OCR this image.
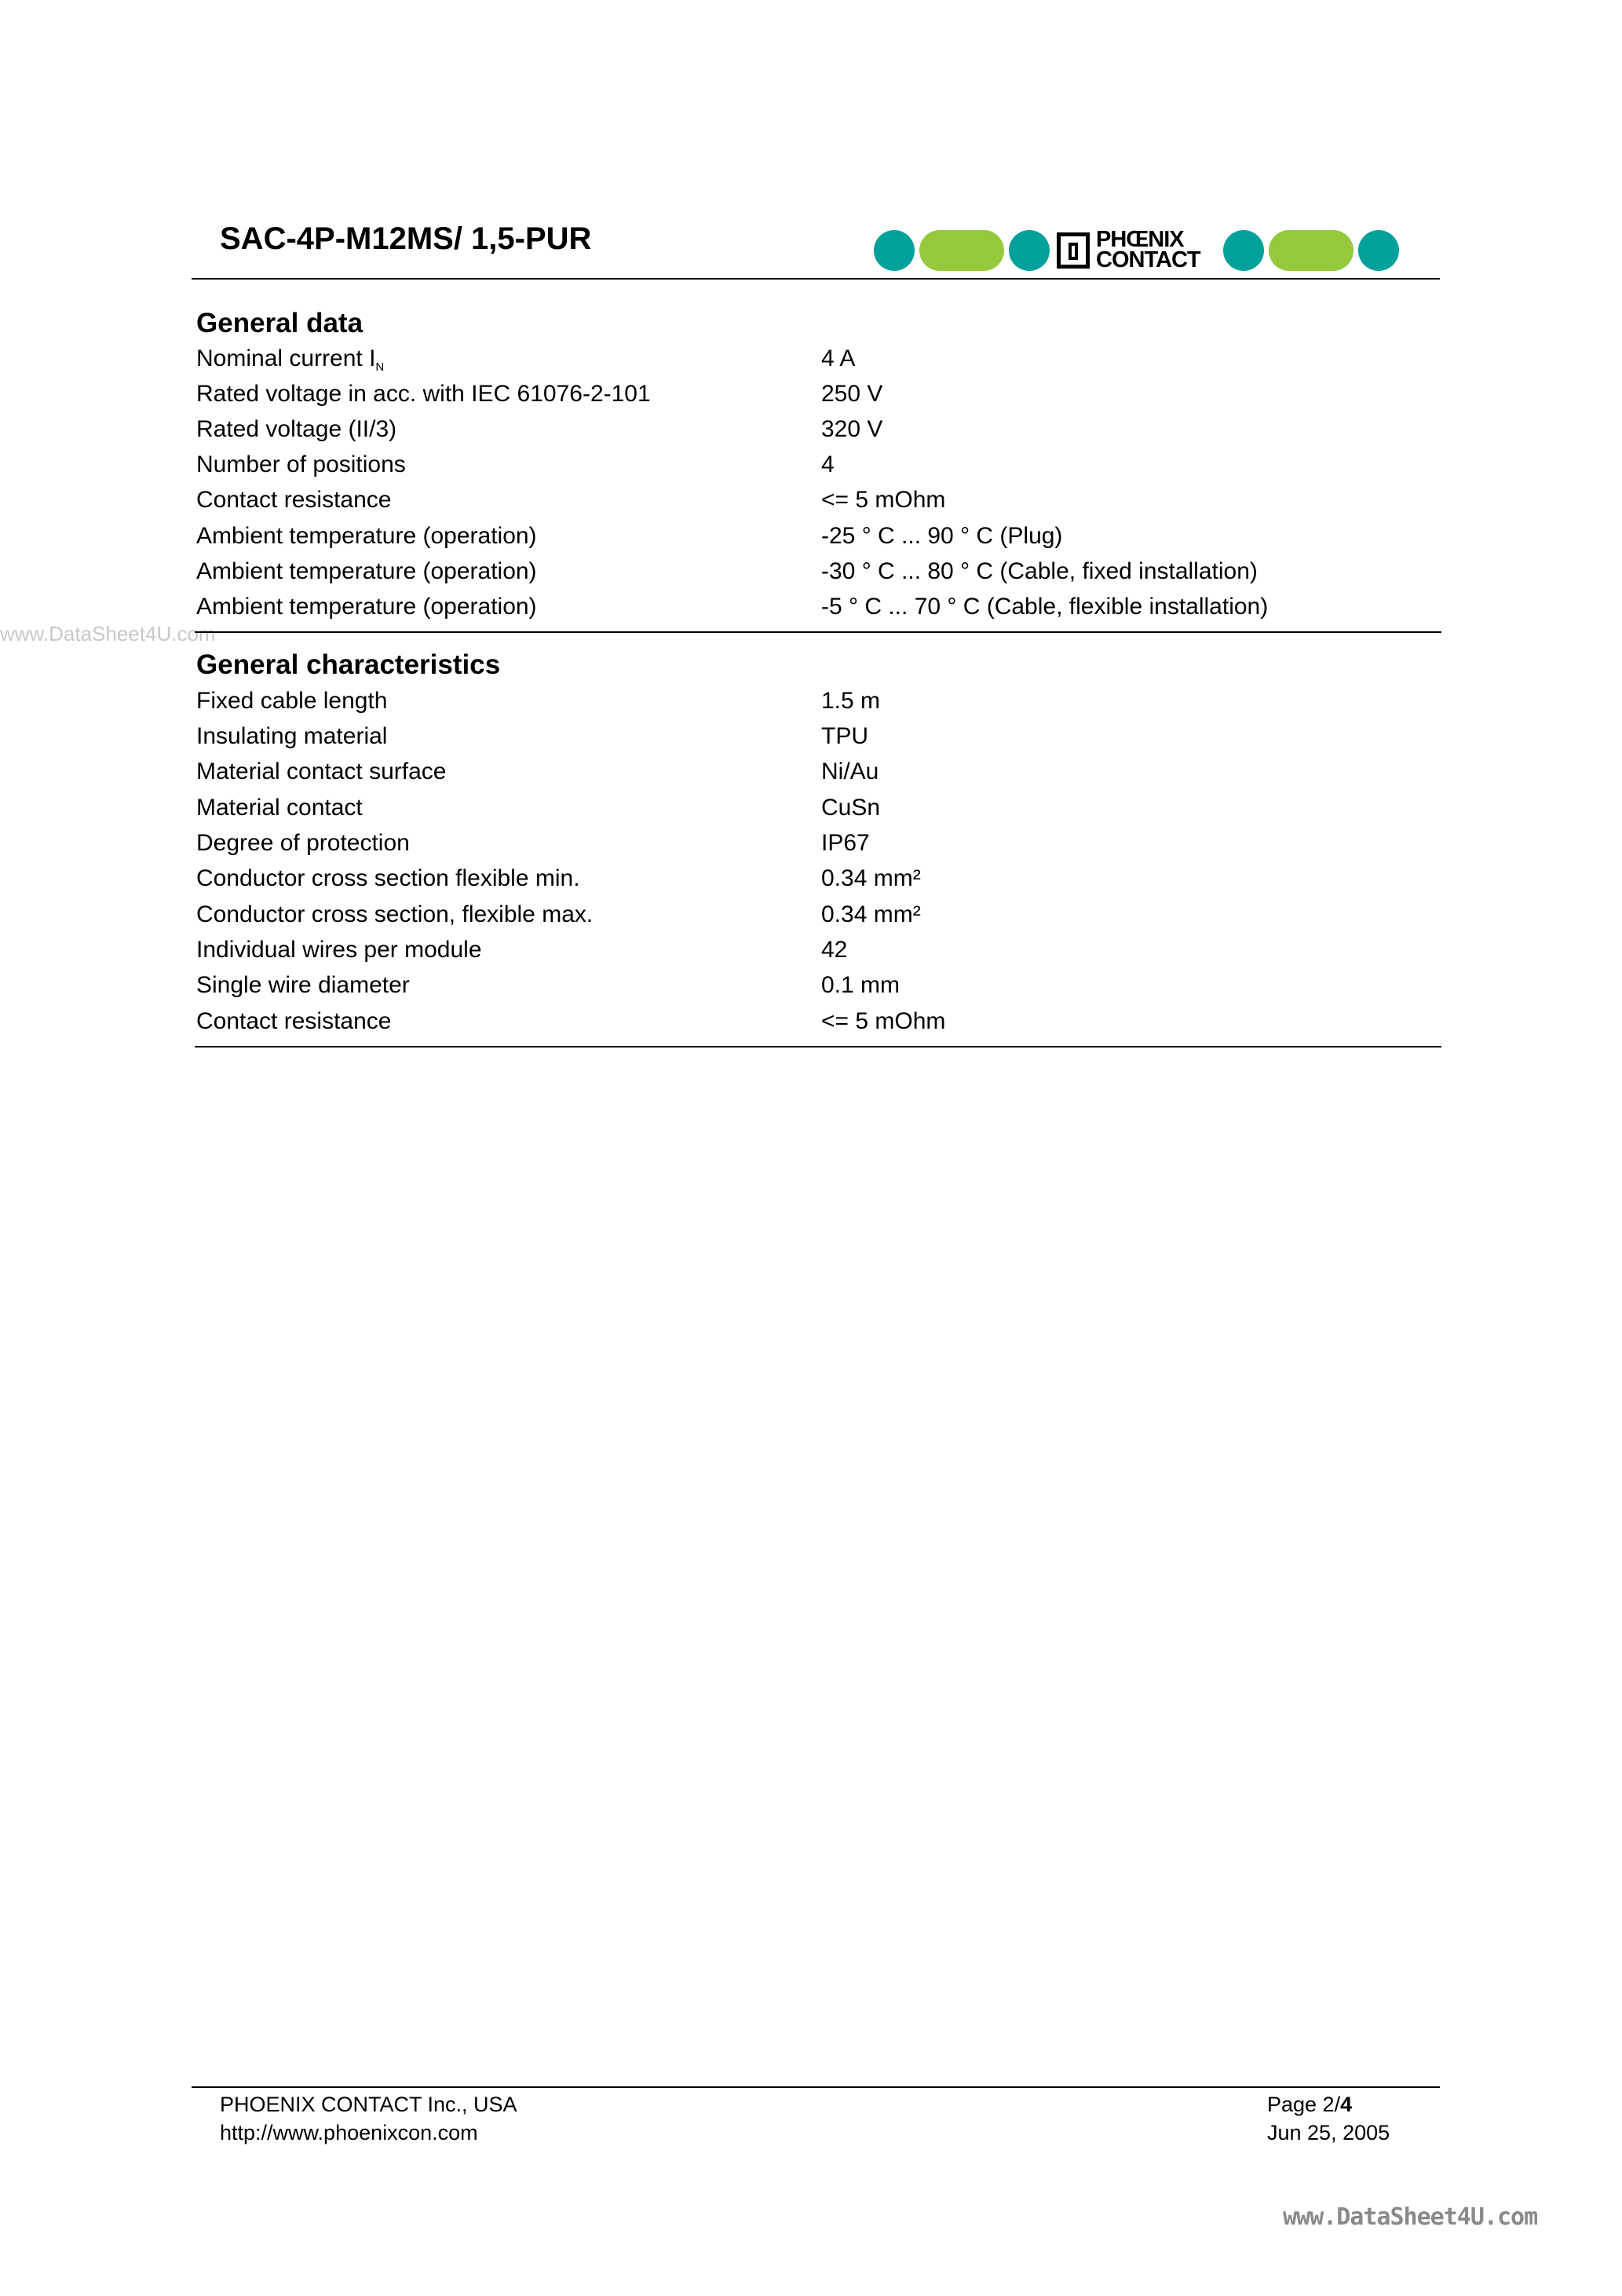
SAC-4P-M12MS/ 1,5-PUR	PHŒNIX
CONTACT
www.DataSheet4U.com
General data
Nominal current $I_N$	4 A
Rated voltage in acc. with IEC 61076-2-101	250 V
Rated voltage (II/3)	320 V
Number of positions	4
Contact resistance	<= 5 mOhm
Ambient temperature (operation)	-25 ° C ... 90 ° C (Plug)
Ambient temperature (operation)	-30 ° C ... 80 ° C (Cable, fixed installation)
Ambient temperature (operation)	-5 ° C ... 70 ° C (Cable, flexible installation)
General characteristics
Fixed cable length	1.5 m
Insulating material	TPU
Material contact surface	Ni/Au
Material contact	CuSn
Degree of protection	IP67
Conductor cross section flexible min.	0.34 mm²
Conductor cross section, flexible max.	0.34 mm²
Individual wires per module	42
Single wire diameter	0.1 mm
Contact resistance	<= 5 mOhm
PHOENIX CONTACT Inc., USA
http://www.phoenixcon.com
Page 2/4
Jun 25, 2005
www.DataSheet4U.com
